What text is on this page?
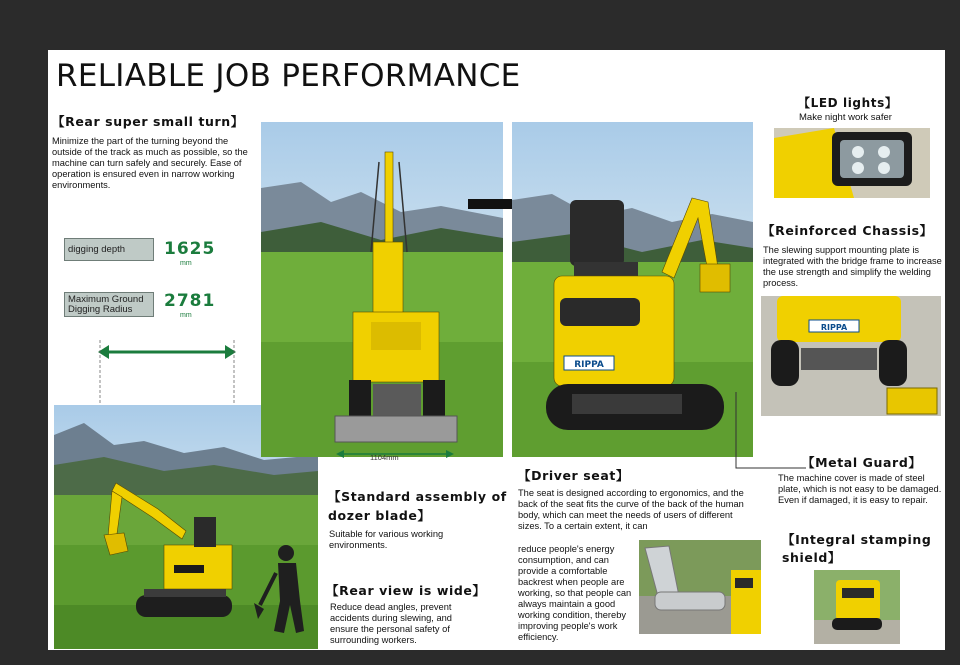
RELIABLE JOB PERFORMANCE
【Rear super small turn】
Minimize the part of the turning beyond the outside of the track as much as possible, so the machine can turn safely and securely. Ease of operation is ensured even in narrow working environments.
digging depth	1625
mm
Maximum Ground Digging Radius	2781
mm
1104mm
RIPPA
【LED lights】
Make night work safer
【Reinforced Chassis】
The slewing support mounting plate is integrated with the bridge frame to increase the use strength and simplify the welding process.
RIPPA
【Metal Guard】
The machine cover is made of steel plate, which is not easy to be damaged. Even if damaged, it is easy to repair.
【Integral stamping shield】
【Standard assembly of dozer blade】
Suitable for various working environments.
【Rear view is wide】
Reduce dead angles, prevent accidents during slewing, and ensure the personal safety of surrounding workers.
【Driver seat】
The seat is designed according to ergonomics, and the back of the seat fits the curve of the back of the human body, which can meet the needs of users of different sizes. To a certain extent, it can
reduce people's energy consumption, and can provide a comfortable backrest when people are working, so that people can always maintain a good working condition, thereby improving people's work efficiency.
